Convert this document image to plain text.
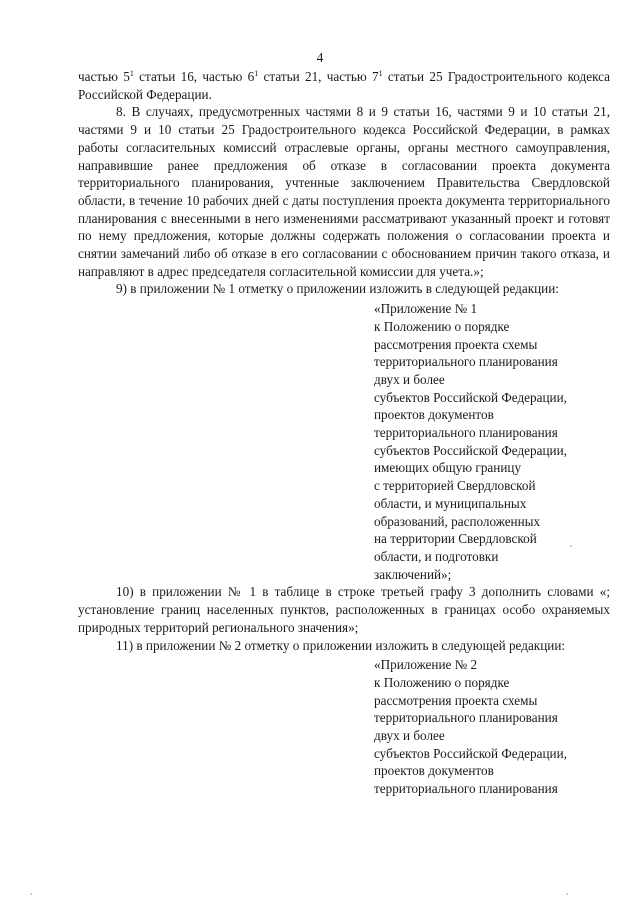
4

частью $5^1$ статьи 16, частью $6^1$ статьи 21, частью $7^1$ статьи 25 Градостроительного кодекса Российской Федерации.

8. В случаях, предусмотренных частями 8 и 9 статьи 16, частями 9 и 10 статьи 21, частями 9 и 10 статьи 25 Градостроительного кодекса Российской Федерации, в рамках работы согласительных комиссий отраслевые органы, органы местного самоуправления, направившие ранее предложения об отказе в согласовании проекта документа территориального планирования, учтенные заключением Правительства Свердловской области, в течение 10 рабочих дней с даты поступления проекта документа территориального планирования с внесенными в него изменениями рассматривают указанный проект и готовят по нему предложения, которые должны содержать положения о согласовании проекта и снятии замечаний либо об отказе в его согласовании с обоснованием причин такого отказа, и направляют в адрес председателя согласительной комиссии для учета.»;

9) в приложении № 1 отметку о приложении изложить в следующей редакции:

«Приложение № 1
к Положению о порядке
рассмотрения проекта схемы
территориального планирования
двух и более
субъектов Российской Федерации,
проектов документов
территориального планирования
субъектов Российской Федерации,
имеющих общую границу
с территорией Свердловской
области, и муниципальных
образований, расположенных
на территории Свердловской
области, и подготовки
заключений»;

10) в приложении № 1 в таблице в строке третьей графу 3 дополнить словами «; установление границ населенных пунктов, расположенных в границах особо охраняемых природных территорий регионального значения»;

11) в приложении № 2 отметку о приложении изложить в следующей редакции:

«Приложение № 2
к Положению о порядке
рассмотрения проекта схемы
территориального планирования
двух и более
субъектов Российской Федерации,
проектов документов
территориального планирования
